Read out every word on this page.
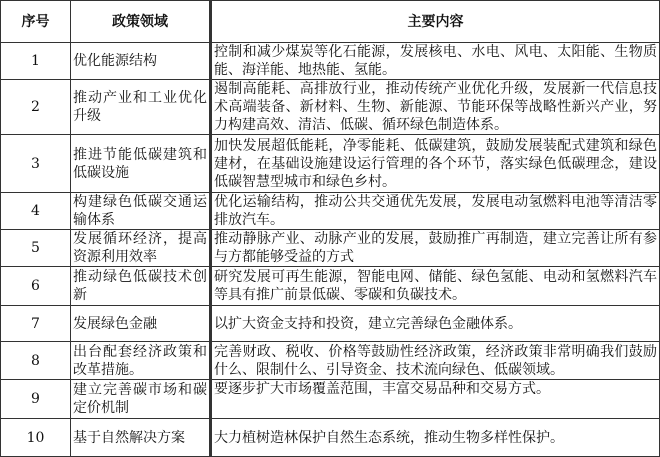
序号	政策领域	主要内容
1	优化能源结构	控制和减少煤炭等化石能源，发展核电、水电、风电、太阳能、生物质能、海洋能、地热能、氢能。
2	推动产业和工业优化升级	遏制高能耗、高排放行业，推动传统产业优化升级，发展新一代信息技术高端装备、新材料、生物、新能源、节能环保等战略性新兴产业，努力构建高效、清洁、低碳、循环绿色制造体系。
3	推进节能低碳建筑和低碳设施	加快发展超低能耗，净零能耗、低碳建筑，鼓励发展装配式建筑和绿色建材，在基础设施建设运行管理的各个环节，落实绿色低碳理念，建设低碳智慧型城市和绿色乡村。
4	构建绿色低碳交通运输体系	优化运输结构，推动公共交通优先发展，发展电动氢燃料电池等清洁零排放汽车。
5	发展循环经济，提高资源利用效率	推动静脉产业、动脉产业的发展，鼓励推广再制造，建立完善让所有参与方都能够受益的方式
6	推动绿色低碳技术创新	研究发展可再生能源，智能电网、储能、绿色氢能、电动和氢燃料汽车等具有推广前景低碳、零碳和负碳技术。
7	发展绿色金融	以扩大资金支持和投资，建立完善绿色金融体系。
8	出台配套经济政策和改革措施。	完善财政、税收、价格等鼓励性经济政策，经济政策非常明确我们鼓励什么、限制什么、引导资金、技术流向绿色、低碳领域。
9	建立完善碳市场和碳定价机制	要逐步扩大市场覆盖范围，丰富交易品种和交易方式。
10	基于自然解决方案	大力植树造林保护自然生态系统，推动生物多样性保护。
